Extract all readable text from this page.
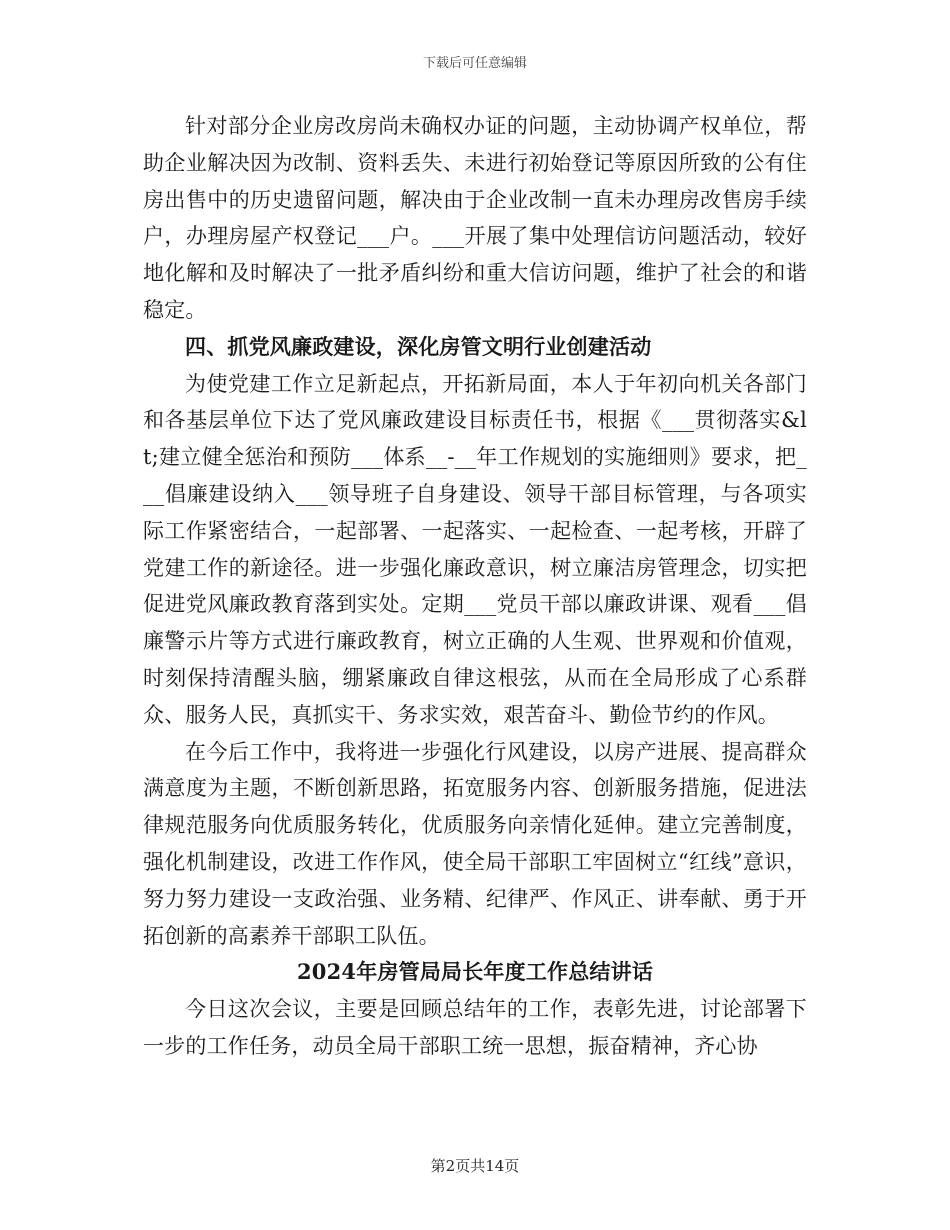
下载后可任意编辑

针对部分企业房改房尚未确权办证的问题，主动协调产权单位，帮助企业解决因为改制、资料丢失、未进行初始登记等原因所致的公有住房出售中的历史遗留问题，解决由于企业改制一直未办理房改售房手续户，办理房屋产权登记___户。___开展了集中处理信访问题活动，较好地化解和及时解决了一批矛盾纠纷和重大信访问题，维护了社会的和谐稳定。

四、抓党风廉政建设，深化房管文明行业创建活动

为使党建工作立足新起点，开拓新局面，本人于年初向机关各部门和各基层单位下达了党风廉政建设目标责任书，根据《___贯彻落实&lt;建立健全惩治和预防___体系__-__年工作规划的实施细则》要求，把___倡廉建设纳入___领导班子自身建设、领导干部目标管理，与各项实际工作紧密结合，一起部署、一起落实、一起检查、一起考核，开辟了党建工作的新途径。进一步强化廉政意识，树立廉洁房管理念，切实把促进党风廉政教育落到实处。定期___党员干部以廉政讲课、观看___倡廉警示片等方式进行廉政教育，树立正确的人生观、世界观和价值观，时刻保持清醒头脑，绷紧廉政自律这根弦，从而在全局形成了心系群众、服务人民，真抓实干、务求实效，艰苦奋斗、勤俭节约的作风。

在今后工作中，我将进一步强化行风建设，以房产进展、提高群众满意度为主题，不断创新思路，拓宽服务内容、创新服务措施，促进法律规范服务向优质服务转化，优质服务向亲情化延伸。建立完善制度，强化机制建设，改进工作作风，使全局干部职工牢固树立“红线”意识，努力努力建设一支政治强、业务精、纪律严、作风正、讲奉献、勇于开拓创新的高素养干部职工队伍。

2024年房管局局长年度工作总结讲话

今日这次会议，主要是回顾总结年的工作，表彰先进，讨论部署下一步的工作任务，动员全局干部职工统一思想，振奋精神，齐心协

第2页共14页
